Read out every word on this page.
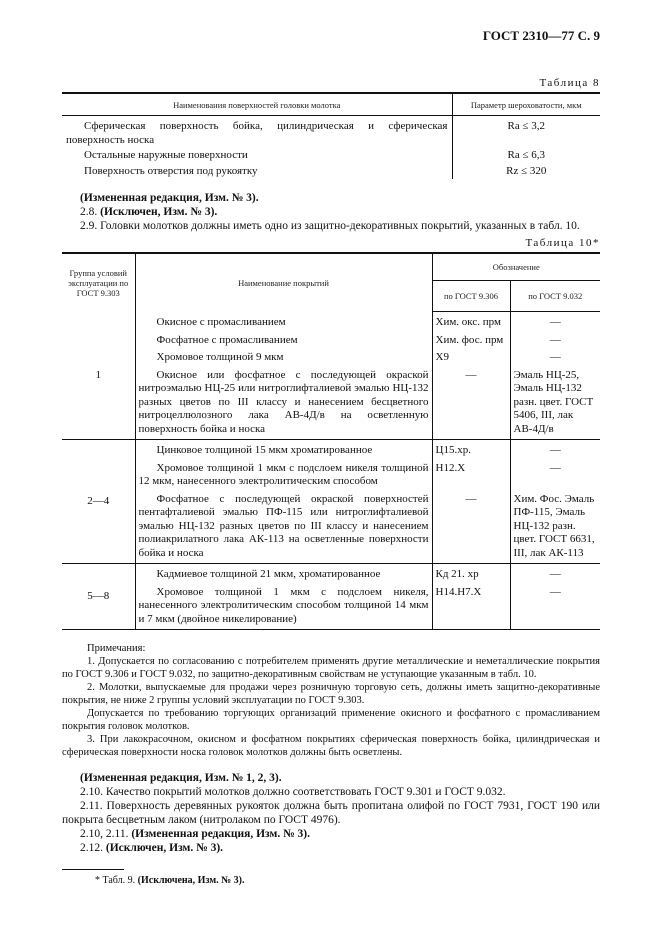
ГОСТ 2310—77 С. 9
Таблица 8
Наименования поверхностей головки молотка	Параметр шероховатости, мкм
Сферическая поверхность бойка, цилиндрическая и сферическая поверхность носка	Ra ≤ 3,2
Остальные наружные поверхности	Ra ≤ 6,3
Поверхность отверстия под рукоятку	Rz ≤ 320

(Измененная редакция, Изм. № 3).

2.8. (Исключен, Изм. № 3).

2.9. Головки молотков должны иметь одно из защитно-декоративных покрытий, указанных в табл. 10.

Таблица 10*
Группа условий эксплуатации по ГОСТ 9.303	Наименование покрытий	Обозначение	
		по ГОСТ 9.306	по ГОСТ 9.032
1	Окисное с промасливанием	Хим. окс. прм	—
	Фосфатное с промасливанием	Хим. фос. прм	—
	Хромовое толщиной 9 мкм	Х9	—
	Окисное или фосфатное с последующей окраской нитроэмалью НЦ-25 или нитроглифталиевой эмалью НЦ-132 разных цветов по III классу и нанесением бесцветного нитроцеллюлозного лака АВ-4Д/в на осветленную поверхность бойка и носка	—	Эмаль НЦ-25, Эмаль НЦ-132 разн. цвет. ГОСТ 5406, III, лак АВ-4Д/в
2—4	Цинковое толщиной 15 мкм хроматированное	Ц15.хр.	—
	Хромовое толщиной 1 мкм с подслоем никеля толщиной 12 мкм, нанесенного электролитическим способом	Н12.Х	—
	Фосфатное с последующей окраской поверхностей пентафталиевой эмалью ПФ-115 или нитроглифталиевой эмалью НЦ-132 разных цветов по III классу и нанесением полиакрилатного лака АК-113 на осветленные поверхности бойка и носка	—	Хим. Фос. Эмаль ПФ-115, Эмаль НЦ-132 разн. цвет. ГОСТ 6631, III, лак АК-113
5—8	Кадмиевое толщиной 21 мкм, хроматированное	Кд 21. хр	—
	Хромовое толщиной 1 мкм с подслоем никеля, нанесенного электролитическим способом толщиной 14 мкм и 7 мкм (двойное никелирование)	Н14.Н7.Х	—

Примечания:

1. Допускается по согласованию с потребителем применять другие металлические и неметаллические покрытия по ГОСТ 9.306 и ГОСТ 9.032, по защитно-декоративным свойствам не уступающие указанным в табл. 10.

2. Молотки, выпускаемые для продажи через розничную торговую сеть, должны иметь защитно-декоративные покрытия, не ниже 2 группы условий эксплуатации по ГОСТ 9.303.

Допускается по требованию торгующих организаций применение окисного и фосфатного с промасливанием покрытия головок молотков.

3. При лакокрасочном, окисном и фосфатном покрытиях сферическая поверхность бойка, цилиндрическая и сферическая поверхности носка головок молотков должны быть осветлены.

(Измененная редакция, Изм. № 1, 2, 3).

2.10. Качество покрытий молотков должно соответствовать ГОСТ 9.301 и ГОСТ 9.032.

2.11. Поверхность деревянных рукояток должна быть пропитана олифой по ГОСТ 7931, ГОСТ 190 или покрыта бесцветным лаком (нитролаком по ГОСТ 4976).

2.10, 2.11. (Измененная редакция, Изм. № 3).

2.12. (Исключен, Изм. № 3).

* Табл. 9. (Исключена, Изм. № 3).
